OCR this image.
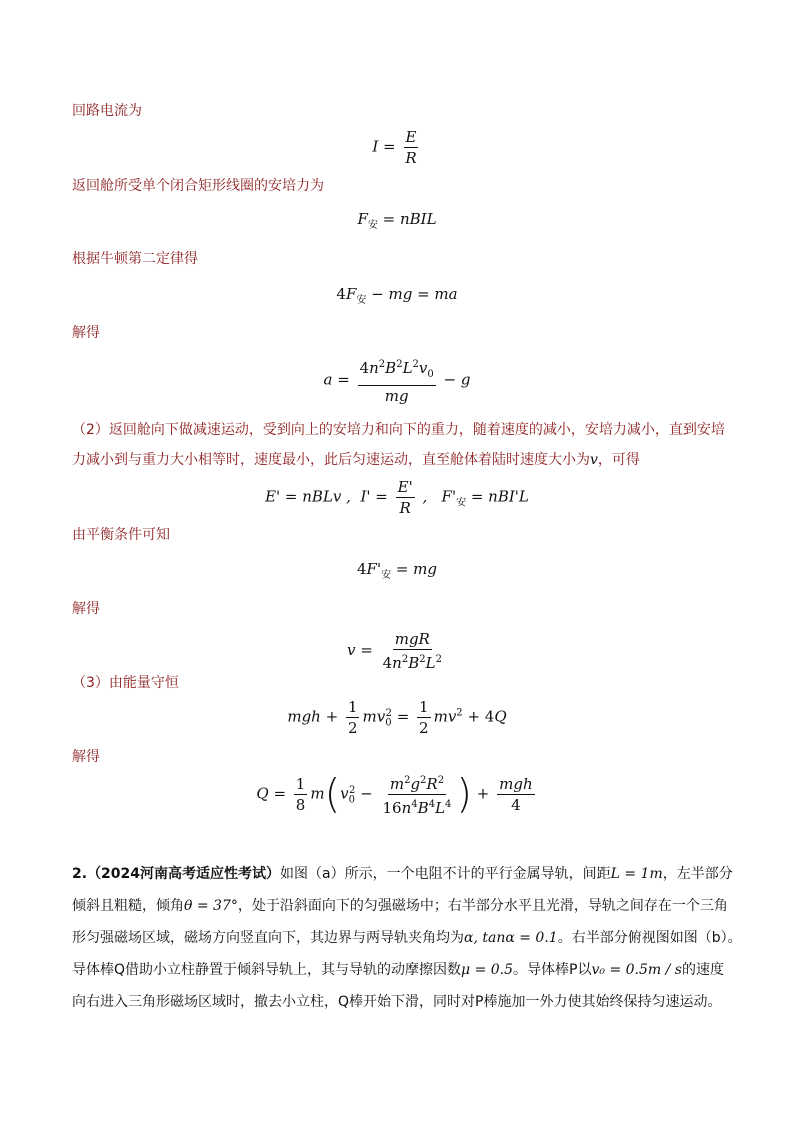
回路电流为
$I = \frac{E}{R}$
返回舱所受单个闭合矩形线圈的安培力为
$F_安$ = nBIL
根据牛顿第二定律得
$4F_安$ − mg = ma
解得
$a = \frac{4n^2B^2L^2v_0}{mg} - g$
（2）返回舱向下做减速运动，受到向上的安培力和向下的重力，随着速度的减小，安培力减小，直到安培
力减小到与重力大小相等时，速度最小，此后匀速运动，直至舱体着陆时速度大小为v，可得
E' = nBLv ,  $I' = \frac{E'}{R}$ ,   $F'_安 = nBI'L$
由平衡条件可知
$4F'_安$ = mg
解得
$v = \frac{\text{mgR}}{4n^2B^2L^2}$
（3）由能量守恒
mgh + $\frac{1}{2} mv_0^2 = \frac{1}{2} mv^2 + 4Q$
解得
$Q = \frac{1}{8} m(v_0^2 - \frac{m^2g^2R^2}{16n^4B^4L^4}$ ) + $\frac{\text{mgh}}{4}$
2.（2024河南高考适应性考试）如图（a）所示，一个电阻不计的平行金属导轨，间距L = 1m，左半部分
倾斜且粗糙，倾角θ = 37°，处于沿斜面向下的匀强磁场中；右半部分水平且光滑，导轨之间存在一个三角
形匀强磁场区域，磁场方向竖直向下，其边界与两导轨夹角均为α, tanα = 0.1。右半部分俯视图如图（b）。
导体棒Q借助小立柱静置于倾斜导轨上，其与导轨的动摩擦因数μ = 0.5。导体棒P以v₀ = 0.5m / s的速度
向右进入三角形磁场区域时，撤去小立柱，Q棒开始下滑，同时对P棒施加一外力使其始终保持匀速运动。
